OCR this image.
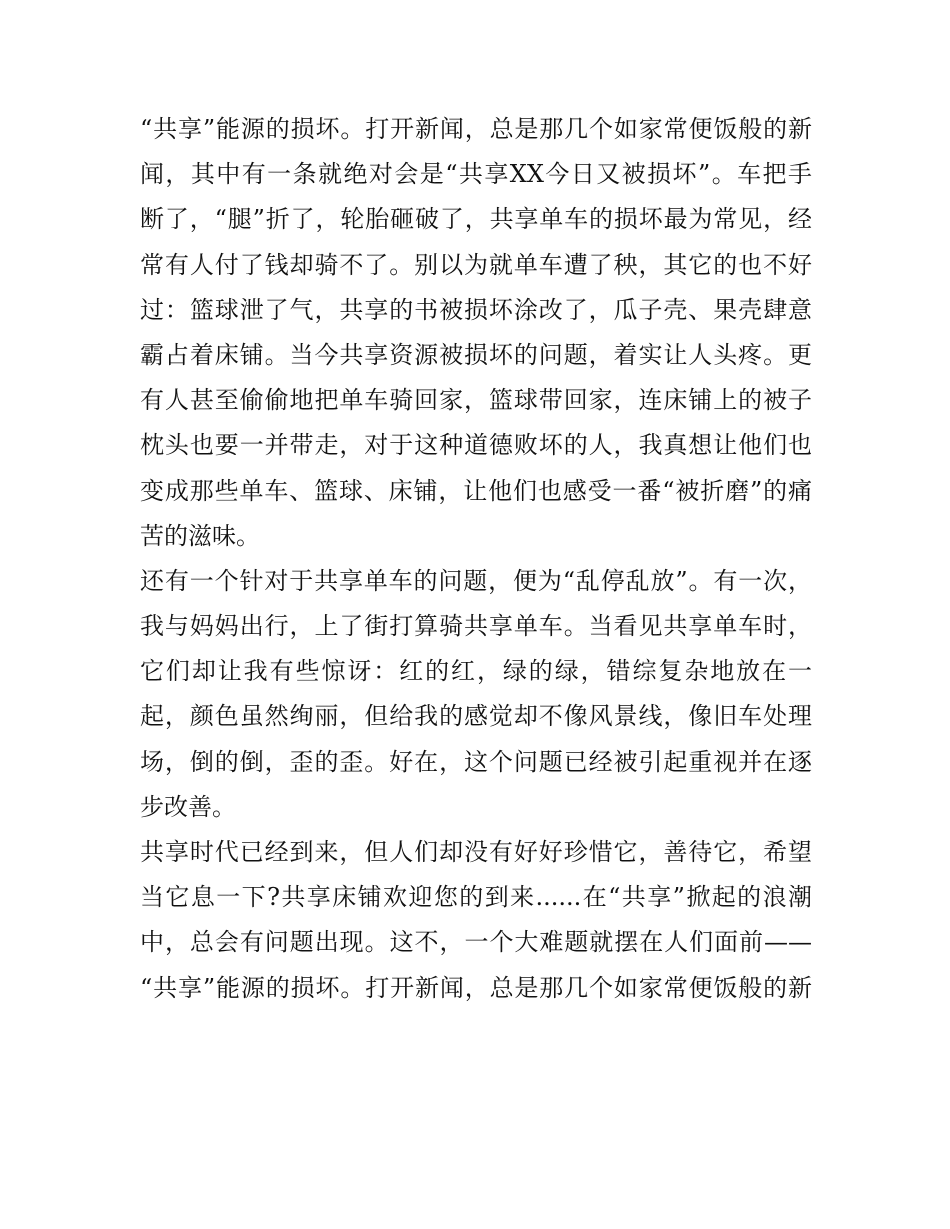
“共享”能源的损坏。打开新闻，总是那几个如家常便饭般的新
闻，其中有一条就绝对会是“共享XX今日又被损坏”。车把手
断了，“腿”折了，轮胎砸破了，共享单车的损坏最为常见，经
常有人付了钱却骑不了。别以为就单车遭了秧，其它的也不好
过：篮球泄了气，共享的书被损坏涂改了，瓜子壳、果壳肆意
霸占着床铺。当今共享资源被损坏的问题，着实让人头疼。更
有人甚至偷偷地把单车骑回家，篮球带回家，连床铺上的被子
枕头也要一并带走，对于这种道德败坏的人，我真想让他们也
变成那些单车、篮球、床铺，让他们也感受一番“被折磨”的痛
苦的滋味。
还有一个针对于共享单车的问题，便为“乱停乱放”。有一次，
我与妈妈出行，上了街打算骑共享单车。当看见共享单车时，
它们却让我有些惊讶：红的红，绿的绿，错综复杂地放在一
起，颜色虽然绚丽，但给我的感觉却不像风景线，像旧车处理
场，倒的倒，歪的歪。好在，这个问题已经被引起重视并在逐
步改善。
共享时代已经到来，但人们却没有好好珍惜它，善待它，希望
当它息一下?共享床铺欢迎您的到来......在“共享”掀起的浪潮
中，总会有问题出现。这不，一个大难题就摆在人们面前——
“共享”能源的损坏。打开新闻，总是那几个如家常便饭般的新
